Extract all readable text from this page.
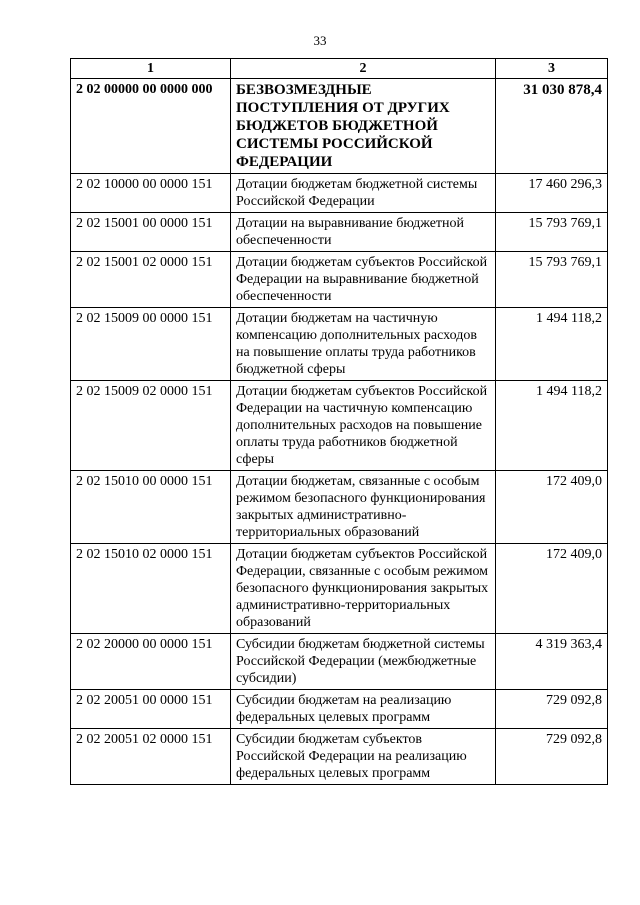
33
1	2	3
2 02 00000 00 0000 000	БЕЗВОЗМЕЗДНЫЕ ПОСТУПЛЕНИЯ ОТ ДРУГИХ БЮДЖЕТОВ БЮДЖЕТНОЙ СИСТЕМЫ РОССИЙСКОЙ ФЕДЕРАЦИИ	31 030 878,4
2 02 10000 00 0000 151	Дотации бюджетам бюджетной системы Российской Федерации	17 460 296,3
2 02 15001 00 0000 151	Дотации на выравнивание бюджетной обеспеченности	15 793 769,1
2 02 15001 02 0000 151	Дотации бюджетам субъектов Российской Федерации на выравнивание бюджетной обеспеченности	15 793 769,1
2 02 15009 00 0000 151	Дотации бюджетам на частичную компенсацию дополнительных расходов на повышение оплаты труда работников бюджетной сферы	1 494 118,2
2 02 15009 02 0000 151	Дотации бюджетам субъектов Российской Федерации на частичную компенсацию дополнительных расходов на повышение оплаты труда работников бюджетной сферы	1 494 118,2
2 02 15010 00 0000 151	Дотации бюджетам, связанные с особым режимом безопасного функционирования закрытых административно-территориальных образований	172 409,0
2 02 15010 02 0000 151	Дотации бюджетам субъектов Российской Федерации, связанные с особым режимом безопасного функционирования закрытых административно-территориальных образований	172 409,0
2 02 20000 00 0000 151	Субсидии бюджетам бюджетной системы Российской Федерации (межбюджетные субсидии)	4 319 363,4
2 02 20051 00 0000 151	Субсидии бюджетам на реализацию федеральных целевых программ	729 092,8
2 02 20051 02 0000 151	Субсидии бюджетам субъектов Российской Федерации на реализацию федеральных целевых программ	729 092,8
